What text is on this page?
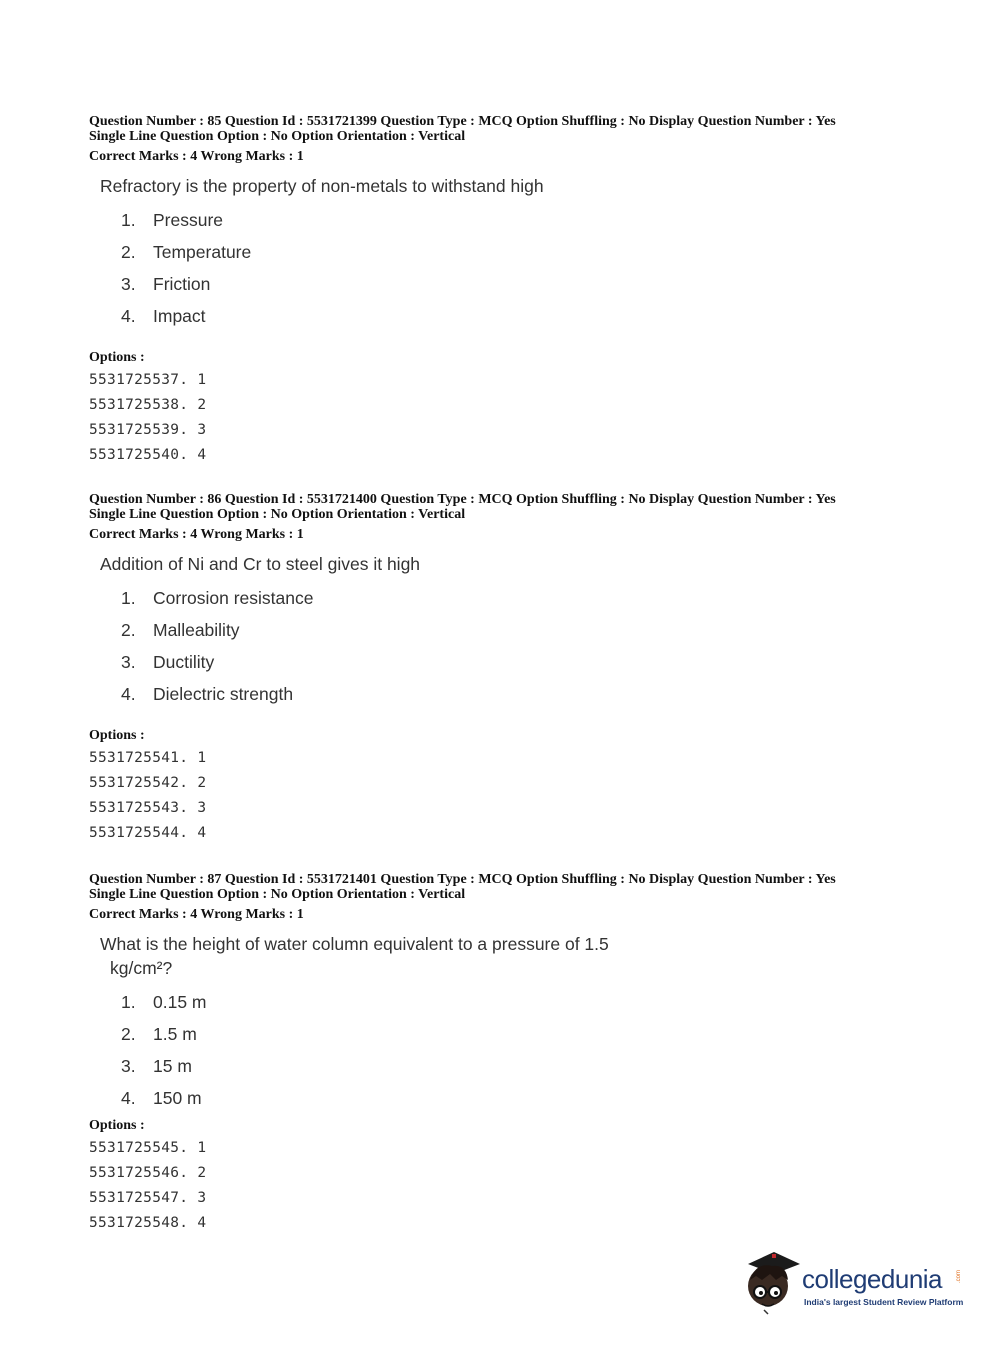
Question Number : 85 Question Id : 5531721399 Question Type : MCQ Option Shuffling : No Display Question Number : Yes
Single Line Question Option : No Option Orientation : Vertical
Correct Marks : 4 Wrong Marks : 1
Refractory is the property of non-metals to withstand high
1. Pressure
2. Temperature
3. Friction
4. Impact
Options :
5531725537. 1
5531725538. 2
5531725539. 3
5531725540. 4
Question Number : 86 Question Id : 5531721400 Question Type : MCQ Option Shuffling : No Display Question Number : Yes
Single Line Question Option : No Option Orientation : Vertical
Correct Marks : 4 Wrong Marks : 1
Addition of Ni and Cr to steel gives it high
1. Corrosion resistance
2. Malleability
3. Ductility
4. Dielectric strength
Options :
5531725541. 1
5531725542. 2
5531725543. 3
5531725544. 4
Question Number : 87 Question Id : 5531721401 Question Type : MCQ Option Shuffling : No Display Question Number : Yes
Single Line Question Option : No Option Orientation : Vertical
Correct Marks : 4 Wrong Marks : 1
What is the height of water column equivalent to a pressure of 1.5
kg/cm²?
1. 0.15 m
2. 1.5 m
3. 15 m
4. 150 m
Options :
5531725545. 1
5531725546. 2
5531725547. 3
5531725548. 4
collegedunia .com
India's largest Student Review Platform
